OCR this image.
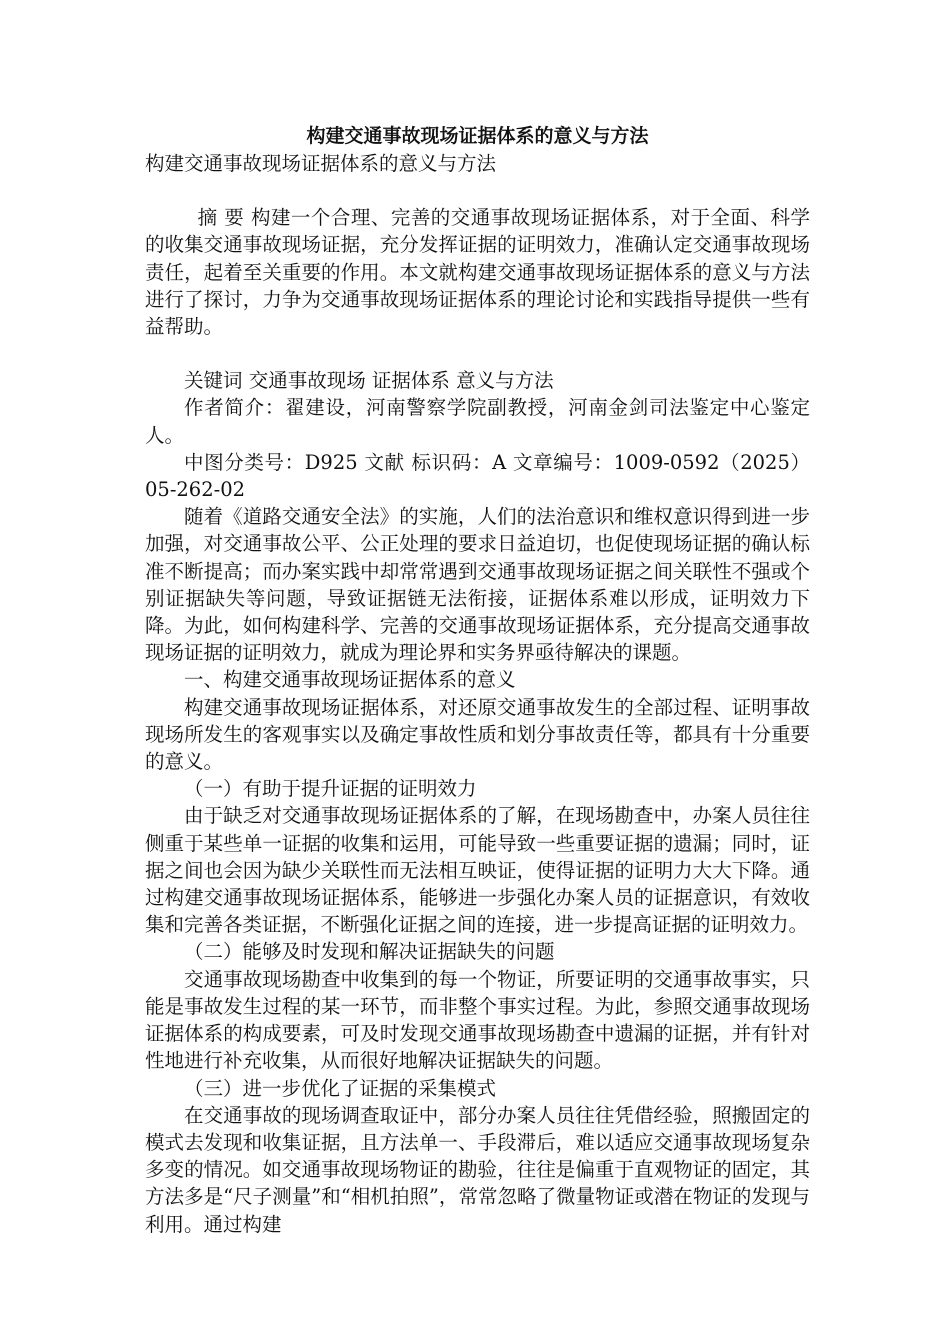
构建交通事故现场证据体系的意义与方法

构建交通事故现场证据体系的意义与方法

摘 要 构建一个合理、完善的交通事故现场证据体系，对于全面、科学的收集交通事故现场证据，充分发挥证据的证明效力，准确认定交通事故现场责任，起着至关重要的作用。本文就构建交通事故现场证据体系的意义与方法进行了探讨，力争为交通事故现场证据体系的理论讨论和实践指导提供一些有益帮助。

关键词 交通事故现场 证据体系 意义与方法

作者简介：翟建设，河南警察学院副教授，河南金剑司法鉴定中心鉴定人。

中图分类号：D925 文献 标识码：A 文章编号：1009-0592（2025）05-262-02

随着《道路交通安全法》的实施，人们的法治意识和维权意识得到进一步加强，对交通事故公平、公正处理的要求日益迫切，也促使现场证据的确认标准不断提高；而办案实践中却常常遇到交通事故现场证据之间关联性不强或个别证据缺失等问题，导致证据链无法衔接，证据体系难以形成，证明效力下降。为此，如何构建科学、完善的交通事故现场证据体系，充分提高交通事故现场证据的证明效力，就成为理论界和实务界亟待解决的课题。

一、构建交通事故现场证据体系的意义

构建交通事故现场证据体系，对还原交通事故发生的全部过程、证明事故现场所发生的客观事实以及确定事故性质和划分事故责任等，都具有十分重要的意义。

（一）有助于提升证据的证明效力

由于缺乏对交通事故现场证据体系的了解，在现场勘查中，办案人员往往侧重于某些单一证据的收集和运用，可能导致一些重要证据的遗漏；同时，证据之间也会因为缺少关联性而无法相互映证，使得证据的证明力大大下降。通过构建交通事故现场证据体系，能够进一步强化办案人员的证据意识，有效收集和完善各类证据，不断强化证据之间的连接，进一步提高证据的证明效力。

（二）能够及时发现和解决证据缺失的问题

交通事故现场勘查中收集到的每一个物证，所要证明的交通事故事实，只能是事故发生过程的某一环节，而非整个事实过程。为此，参照交通事故现场证据体系的构成要素，可及时发现交通事故现场勘查中遗漏的证据，并有针对性地进行补充收集，从而很好地解决证据缺失的问题。

（三）进一步优化了证据的采集模式

在交通事故的现场调查取证中，部分办案人员往往凭借经验，照搬固定的模式去发现和收集证据，且方法单一、手段滞后，难以适应交通事故现场复杂多变的情况。如交通事故现场物证的勘验，往往是偏重于直观物证的固定，其方法多是“尺子测量”和“相机拍照”，常常忽略了微量物证或潜在物证的发现与利用。通过构建
